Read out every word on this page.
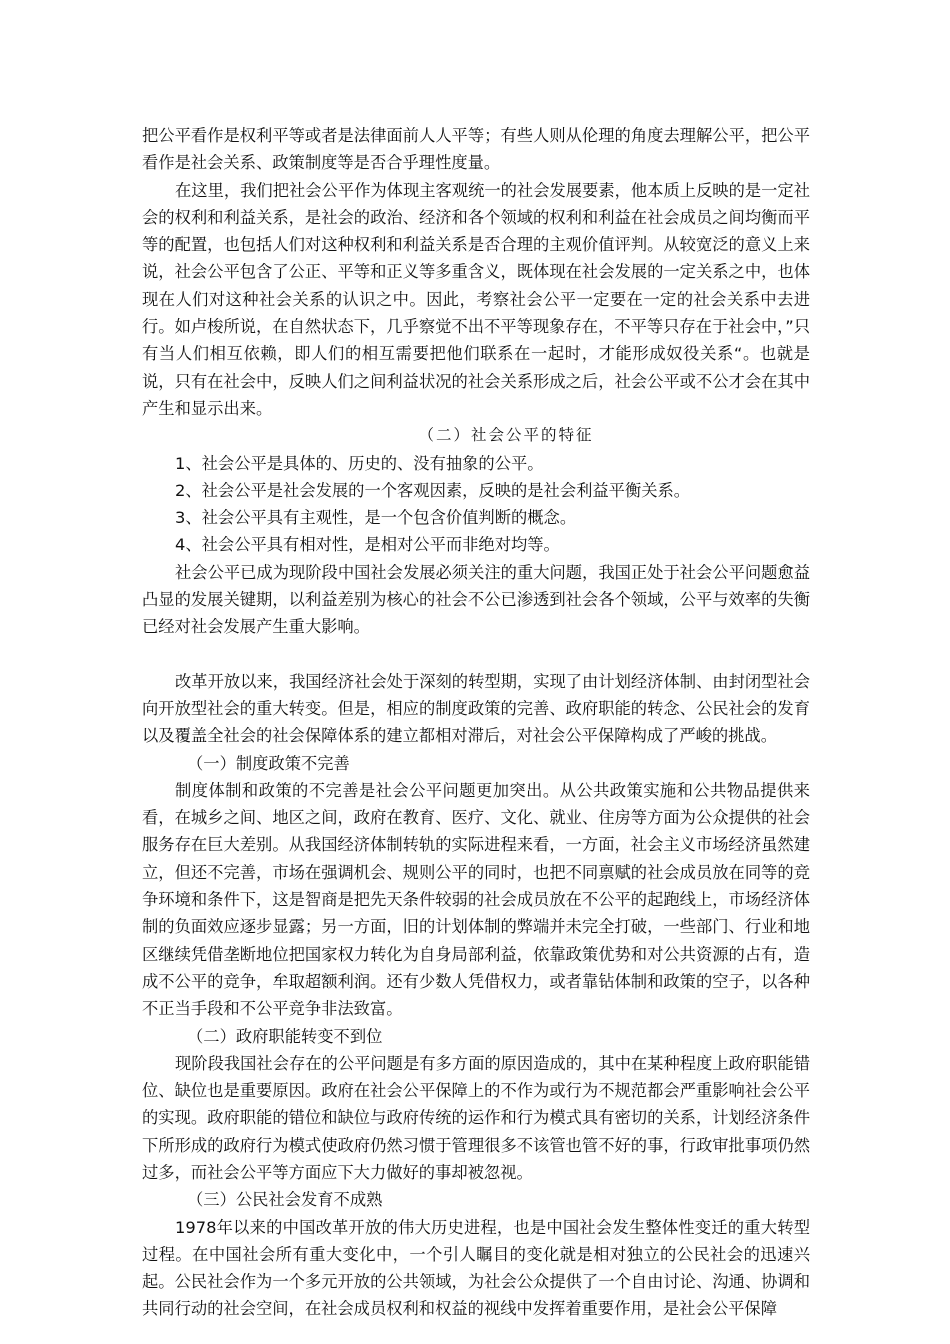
把公平看作是权利平等或者是法律面前人人平等；有些人则从伦理的角度去理解公平，把公平看作是社会关系、政策制度等是否合乎理性度量。

在这里，我们把社会公平作为体现主客观统一的社会发展要素，他本质上反映的是一定社会的权利和利益关系，是社会的政治、经济和各个领域的权利和利益在社会成员之间均衡而平等的配置，也包括人们对这种权利和利益关系是否合理的主观价值评判。从较宽泛的意义上来说，社会公平包含了公正、平等和正义等多重含义，既体现在社会发展的一定关系之中，也体现在人们对这种社会关系的认识之中。因此，考察社会公平一定要在一定的社会关系中去进行。如卢梭所说，在自然状态下，几乎察觉不出不平等现象存在，不平等只存在于社会中，”只有当人们相互依赖，即人们的相互需要把他们联系在一起时，才能形成奴役关系“。也就是说，只有在社会中，反映人们之间利益状况的社会关系形成之后，社会公平或不公才会在其中产生和显示出来。

（二）社会公平的特征

1、社会公平是具体的、历史的、没有抽象的公平。

2、社会公平是社会发展的一个客观因素，反映的是社会利益平衡关系。

3、社会公平具有主观性，是一个包含价值判断的概念。

4、社会公平具有相对性，是相对公平而非绝对均等。

社会公平已成为现阶段中国社会发展必须关注的重大问题，我国正处于社会公平问题愈益凸显的发展关键期，以利益差别为核心的社会不公已渗透到社会各个领域，公平与效率的失衡已经对社会发展产生重大影响。

改革开放以来，我国经济社会处于深刻的转型期，实现了由计划经济体制、由封闭型社会向开放型社会的重大转变。但是，相应的制度政策的完善、政府职能的转念、公民社会的发育以及覆盖全社会的社会保障体系的建立都相对滞后，对社会公平保障构成了严峻的挑战。

（一）制度政策不完善

制度体制和政策的不完善是社会公平问题更加突出。从公共政策实施和公共物品提供来看，在城乡之间、地区之间，政府在教育、医疗、文化、就业、住房等方面为公众提供的社会服务存在巨大差别。从我国经济体制转轨的实际进程来看，一方面，社会主义市场经济虽然建立，但还不完善，市场在强调机会、规则公平的同时，也把不同禀赋的社会成员放在同等的竞争环境和条件下，这是智商是把先天条件较弱的社会成员放在不公平的起跑线上，市场经济体制的负面效应逐步显露；另一方面，旧的计划体制的弊端并未完全打破，一些部门、行业和地区继续凭借垄断地位把国家权力转化为自身局部利益，依靠政策优势和对公共资源的占有，造成不公平的竞争，牟取超额利润。还有少数人凭借权力，或者靠钻体制和政策的空子，以各种不正当手段和不公平竞争非法致富。

（二）政府职能转变不到位

现阶段我国社会存在的公平问题是有多方面的原因造成的，其中在某种程度上政府职能错位、缺位也是重要原因。政府在社会公平保障上的不作为或行为不规范都会严重影响社会公平的实现。政府职能的错位和缺位与政府传统的运作和行为模式具有密切的关系，计划经济条件下所形成的政府行为模式使政府仍然习惯于管理很多不该管也管不好的事，行政审批事项仍然过多，而社会公平等方面应下大力做好的事却被忽视。

（三）公民社会发育不成熟

1978年以来的中国改革开放的伟大历史进程，也是中国社会发生整体性变迁的重大转型过程。在中国社会所有重大变化中，一个引人瞩目的变化就是相对独立的公民社会的迅速兴起。公民社会作为一个多元开放的公共领域，为社会公众提供了一个自由讨论、沟通、协调和共同行动的社会空间，在社会成员权利和权益的视线中发挥着重要作用，是社会公平保障
